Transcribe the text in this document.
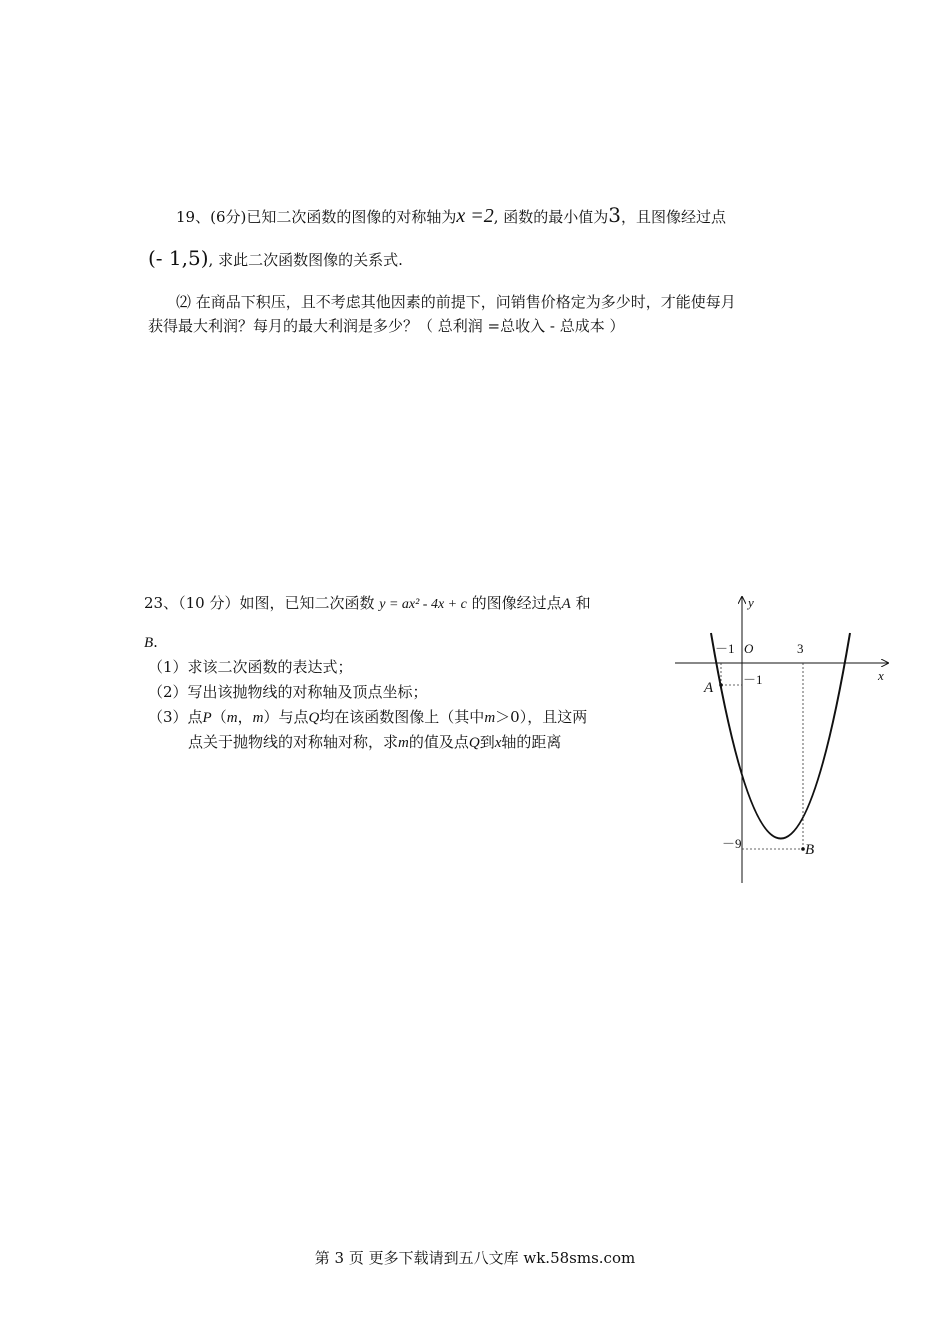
19、(6分)已知二次函数的图像的对称轴为x =2, 函数的最小值为3，且图像经过点
(- 1,5), 求此二次函数图像的关系式.
⑵ 在商品下积压，且不考虑其他因素的前提下，问销售价格定为多少时，才能使每月
获得最大利润？每月的最大利润是多少？（ 总利润 =总收入 - 总成本 ）
23、（10 分）如图，已知二次函数 y = ax² - 4x + c 的图像经过点A 和
B.
（1）求该二次函数的表达式；
（2）写出该抛物线的对称轴及顶点坐标；
（3）点P（m，m）与点Q均在该函数图像上（其中m＞0），且这两
点关于抛物线的对称轴对称，求m的值及点Q到x轴的距离
y
x
O
－1	3
－1
－9
A
B
第 3 页 更多下载请到五八文库 wk.58sms.com
